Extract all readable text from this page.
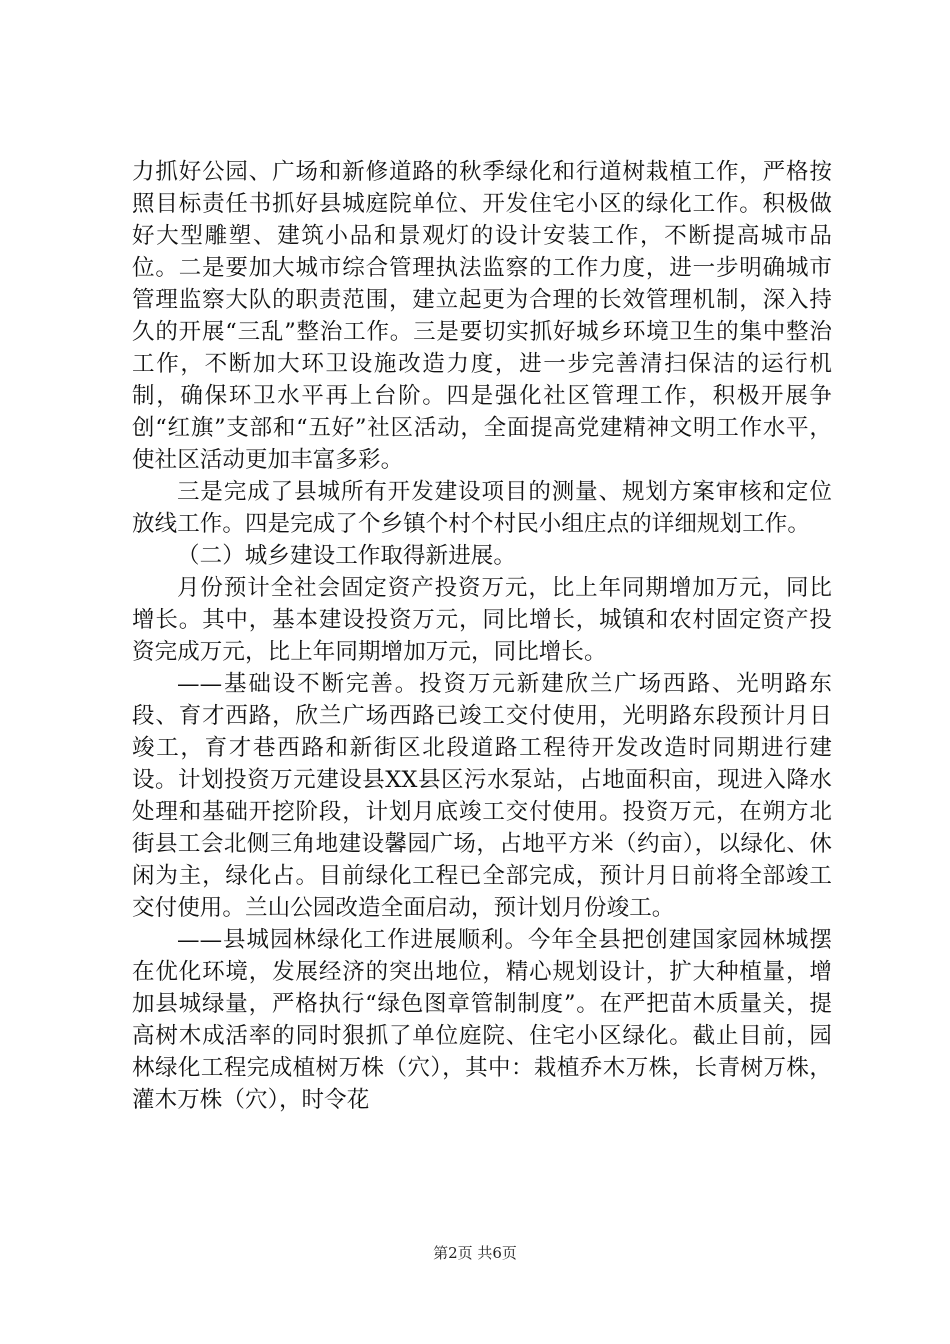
力抓好公园、广场和新修道路的秋季绿化和行道树栽植工作，严格按照目标责任书抓好县城庭院单位、开发住宅小区的绿化工作。积极做好大型雕塑、建筑小品和景观灯的设计安装工作，不断提高城市品位。二是要加大城市综合管理执法监察的工作力度，进一步明确城市管理监察大队的职责范围，建立起更为合理的长效管理机制，深入持久的开展“三乱”整治工作。三是要切实抓好城乡环境卫生的集中整治工作，不断加大环卫设施改造力度，进一步完善清扫保洁的运行机制，确保环卫水平再上台阶。四是强化社区管理工作，积极开展争创“红旗”支部和“五好”社区活动，全面提高党建精神文明工作水平，使社区活动更加丰富多彩。

三是完成了县城所有开发建设项目的测量、规划方案审核和定位放线工作。四是完成了个乡镇个村个村民小组庄点的详细规划工作。

（二）城乡建设工作取得新进展。

月份预计全社会固定资产投资万元，比上年同期增加万元，同比增长。其中，基本建设投资万元，同比增长，城镇和农村固定资产投资完成万元，比上年同期增加万元，同比增长。

——基础设不断完善。投资万元新建欣兰广场西路、光明路东段、育才西路，欣兰广场西路已竣工交付使用，光明路东段预计月日竣工，育才巷西路和新街区北段道路工程待开发改造时同期进行建设。计划投资万元建设县XX县区污水泵站，占地面积亩，现进入降水处理和基础开挖阶段，计划月底竣工交付使用。投资万元，在朔方北街县工会北侧三角地建设馨园广场，占地平方米（约亩），以绿化、休闲为主，绿化占。目前绿化工程已全部完成，预计月日前将全部竣工交付使用。兰山公园改造全面启动，预计划月份竣工。

——县城园林绿化工作进展顺利。今年全县把创建国家园林城摆在优化环境，发展经济的突出地位，精心规划设计，扩大种植量，增加县城绿量，严格执行“绿色图章管制制度”。在严把苗木质量关，提高树木成活率的同时狠抓了单位庭院、住宅小区绿化。截止目前，园林绿化工程完成植树万株（穴），其中：栽植乔木万株，长青树万株，灌木万株（穴），时令花

第2页 共6页
